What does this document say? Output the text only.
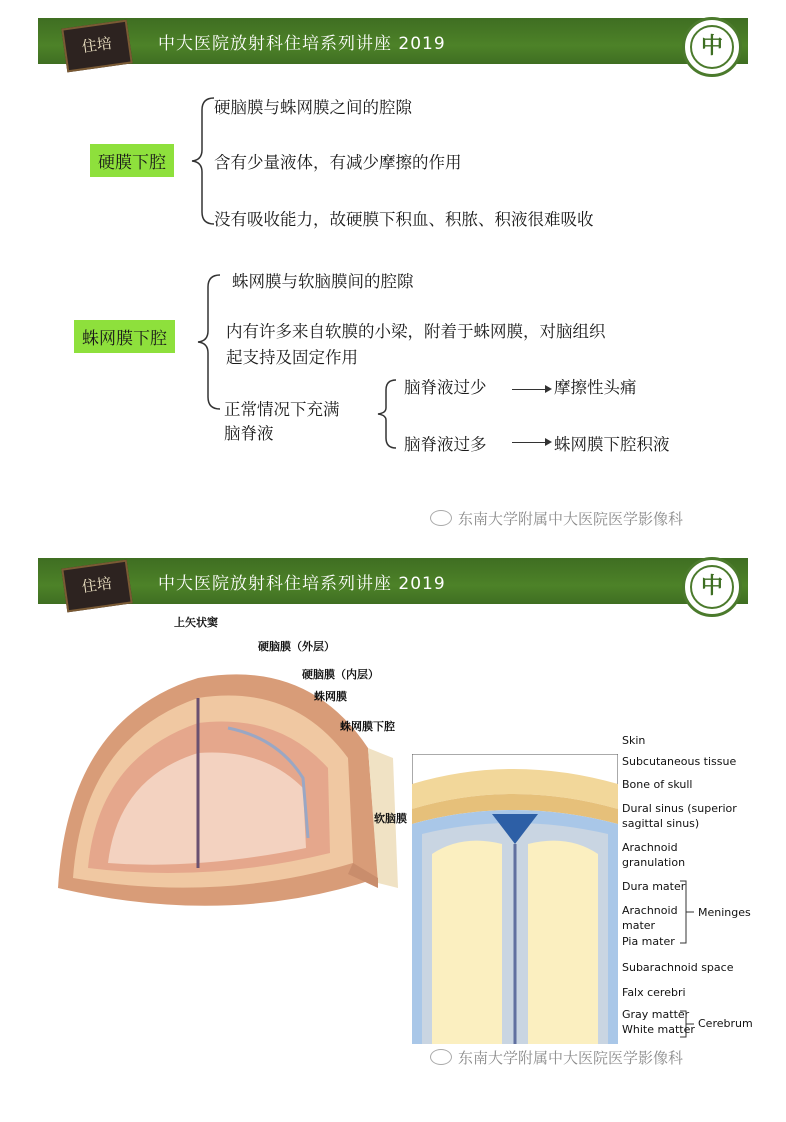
住培	中大医院放射科住培系列讲座 2019	中
硬膜下腔
硬脑膜与蛛网膜之间的腔隙
含有少量液体，有减少摩擦的作用
没有吸收能力，故硬膜下积血、积脓、积液很难吸收
蛛网膜下腔
蛛网膜与软脑膜间的腔隙
内有许多来自软膜的小梁，附着于蛛网膜，对脑组织
起支持及固定作用
正常情况下充满
脑脊液
脑脊液过少	摩擦性头痛
脑脊液过多	蛛网膜下腔积液
东南大学附属中大医院医学影像科
住培	中大医院放射科住培系列讲座 2019	中
上矢状窦
硬脑膜（外层）
硬脑膜（内层）
蛛网膜
蛛网膜下腔
软脑膜
Skin
Subcutaneous tissue
Bone of skull
Dural sinus (superior
sagittal sinus)
Arachnoid
granulation
Dura mater
Arachnoid
mater
Pia mater
Subarachnoid space
Falx cerebri
Gray matter
White matter
Meninges
Cerebrum
东南大学附属中大医院医学影像科
